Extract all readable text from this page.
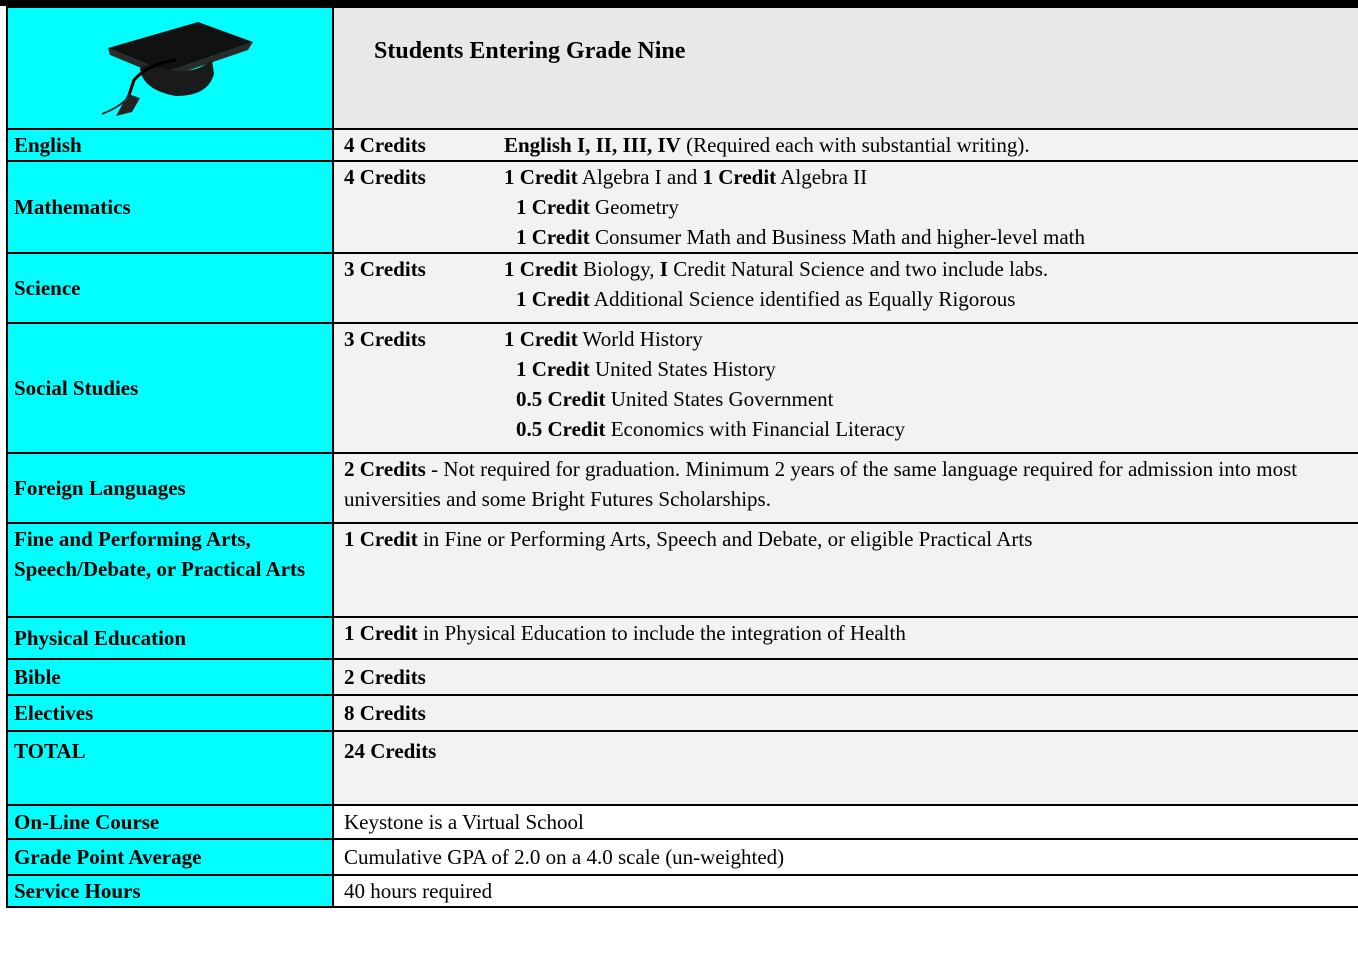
Students Entering Grade Nine

English	4 Credits English I, II, III, IV (Required each with substantial writing).
Mathematics	4 Credits 1 Credit Algebra I and 1 Credit Algebra II
1 Credit Geometry
1 Credit Consumer Math and Business Math and higher-level math

Science	3 Credits 1 Credit Biology, I Credit Natural Science and two include labs.
1 Credit Additional Science identified as Equally Rigorous

Social Studies	3 Credits 1 Credit World History
1 Credit United States History
0.5 Credit United States Government
0.5 Credit Economics with Financial Literacy

Foreign Languages	2 Credits - Not required for graduation. Minimum 2 years of the same language required for admission into most universities and some Bright Futures Scholarships.
Fine and Performing Arts, Speech/Debate, or Practical Arts	1 Credit in Fine or Performing Arts, Speech and Debate, or eligible Practical Arts
Physical Education	1 Credit in Physical Education to include the integration of Health
Bible	2 Credits
Electives	8 Credits
TOTAL	24 Credits
On-Line Course	Keystone is a Virtual School
Grade Point Average	Cumulative GPA of 2.0 on a 4.0 scale (un-weighted)
Service Hours	40 hours required
